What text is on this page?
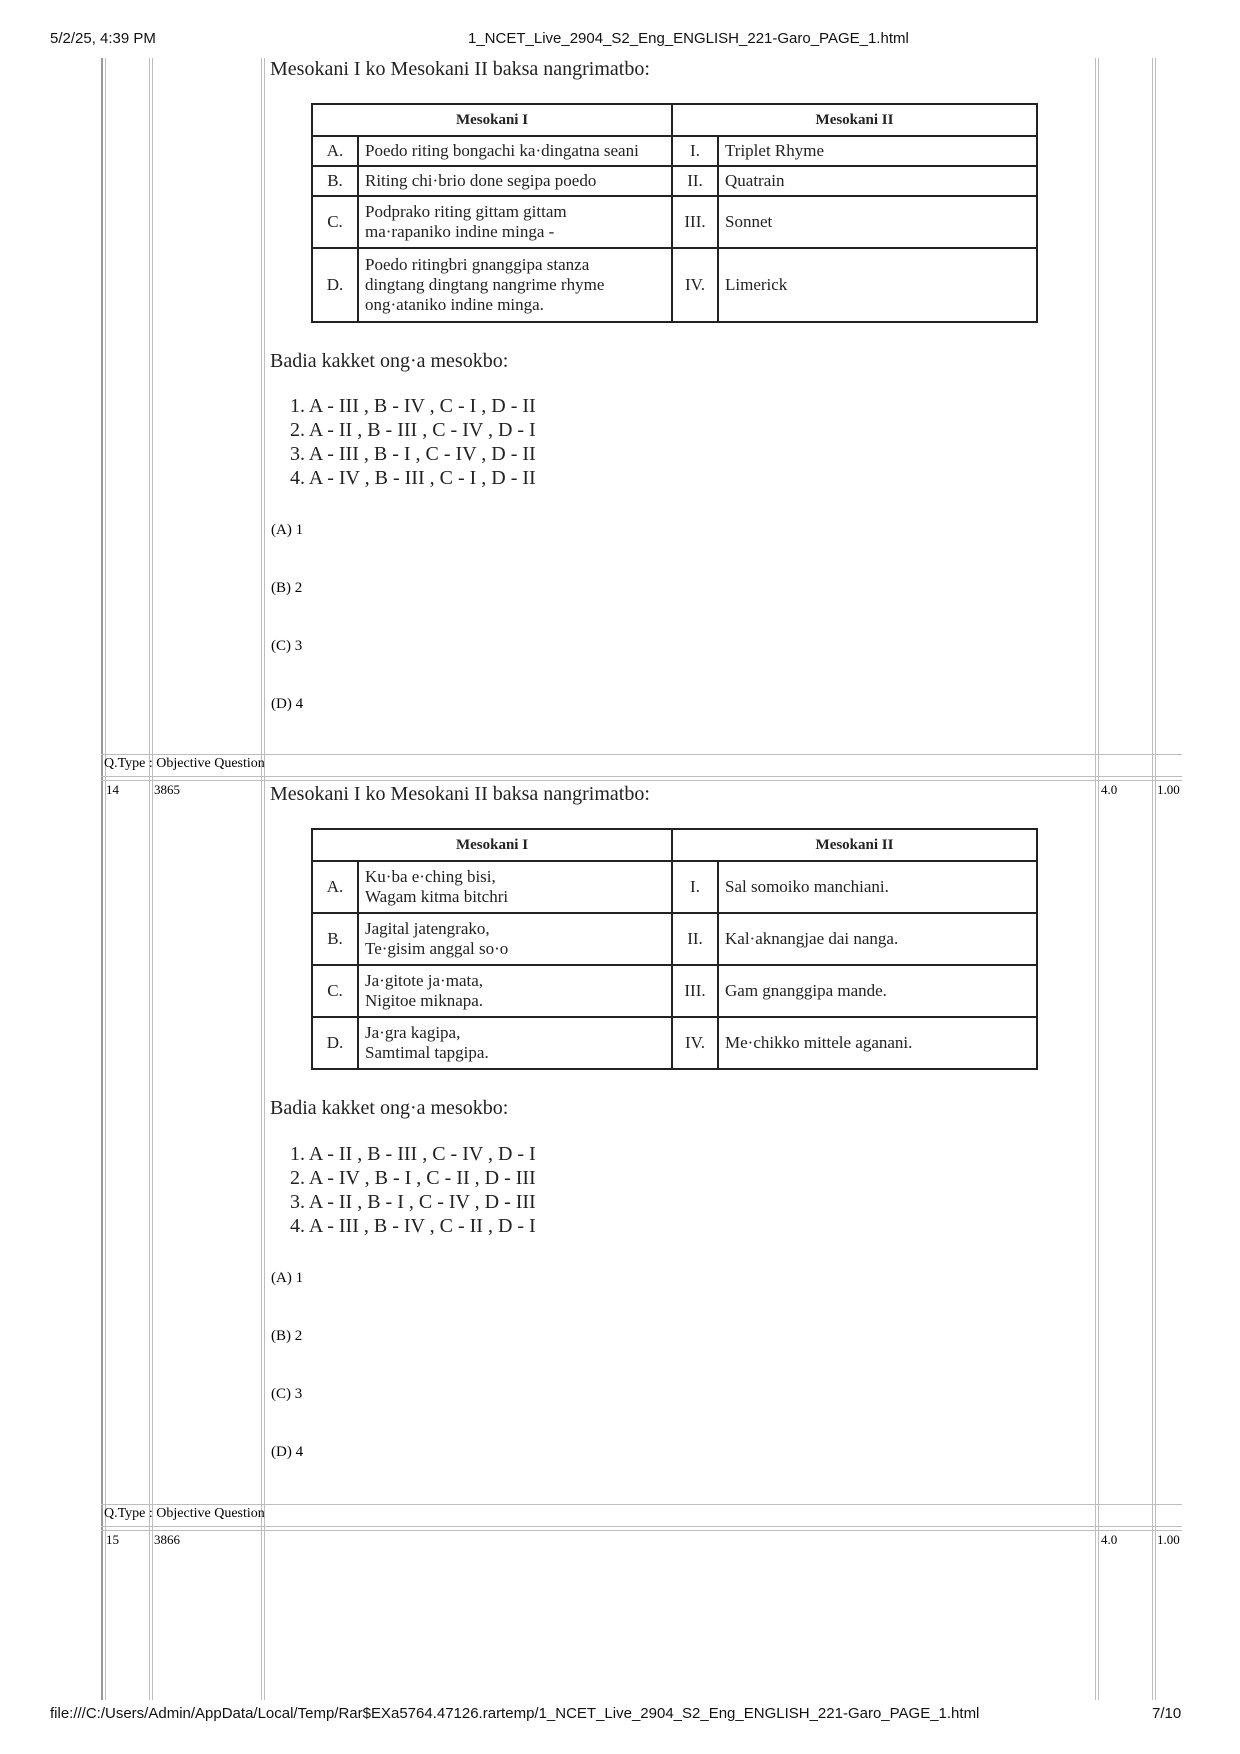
5/2/25, 4:39 PM	1_NCET_Live_2904_S2_Eng_ENGLISH_221-Garo_PAGE_1.html
Mesokani I ko Mesokani II baksa nangrimatbo:
Mesokani I		Mesokani II	
A.	Poedo riting bongachi ka·dingatna seani	I.	Triplet Rhyme
B.	Riting chi·brio done segipa poedo	II.	Quatrain
C.	Podprako riting gittam gittam
ma·rapaniko indine minga -	III.	Sonnet
D.	Poedo ritingbri gnanggipa stanza
dingtang dingtang nangrime rhyme
ong·ataniko indine minga.	IV.	Limerick
Badia kakket ong·a mesokbo:
1. A - III , B - IV , C - I , D - II
2. A - II , B - III , C - IV , D - I
3. A - III , B - I , C - IV , D - II
4. A - IV , B - III , C - I , D - II
(A) 1
(B) 2
(C) 3
(D) 4
Q.Type : Objective Question
14	3865	4.0	1.00
Mesokani I ko Mesokani II baksa nangrimatbo:
Mesokani I		Mesokani II	
A.	Ku·ba e·ching bisi,
Wagam kitma bitchri	I.	Sal somoiko manchiani.
B.	Jagital jatengrako,
Te·gisim anggal so·o	II.	Kal·aknangjae dai nanga.
C.	Ja·gitote ja·mata,
Nigitoe miknapa.	III.	Gam gnanggipa mande.
D.	Ja·gra kagipa,
Samtimal tapgipa.	IV.	Me·chikko mittele aganani.
Badia kakket ong·a mesokbo:
1. A - II , B - III , C - IV , D - I
2. A - IV , B - I , C - II , D - III
3. A - II , B - I , C - IV , D - III
4. A - III , B - IV , C - II , D - I
(A) 1
(B) 2
(C) 3
(D) 4
Q.Type : Objective Question
15	3866	4.0	1.00
file:///C:/Users/Admin/AppData/Local/Temp/Rar$EXa5764.47126.rartemp/1_NCET_Live_2904_S2_Eng_ENGLISH_221-Garo_PAGE_1.html	7/10
